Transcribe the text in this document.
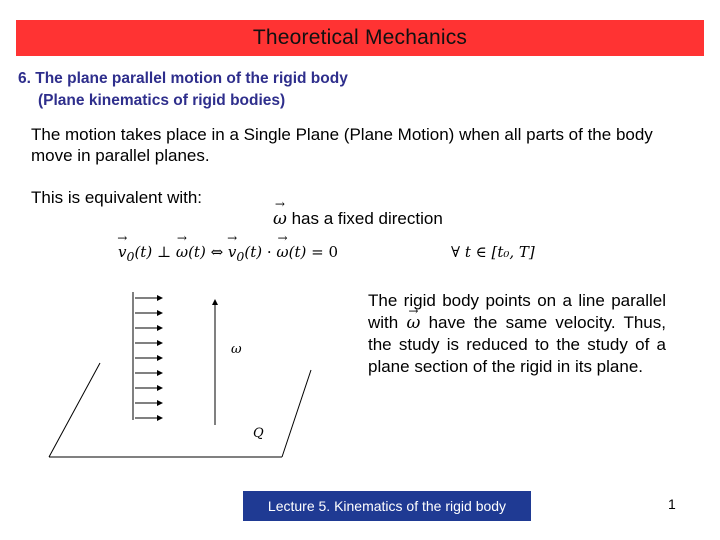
Theoretical Mechanics
6. The plane parallel motion of the rigid body
(Plane kinematics of rigid bodies)
The motion takes place in a Single Plane (Plane Motion) when all parts of the body move in parallel planes.
This is equivalent with:
→ ω has a fixed direction
→ $v_0(t)$ ⊥ → ω(t) ⇔ → $v_0(t)$ · → ω(t) = 0	∀ t ∈ [t₀, T]
The rigid body points on a line parallel with → ω have the same velocity. Thus, the study is reduced to the study of a plane section of the rigid in its plane.
ω
Q
Lecture 5. Kinematics of the rigid body	1
